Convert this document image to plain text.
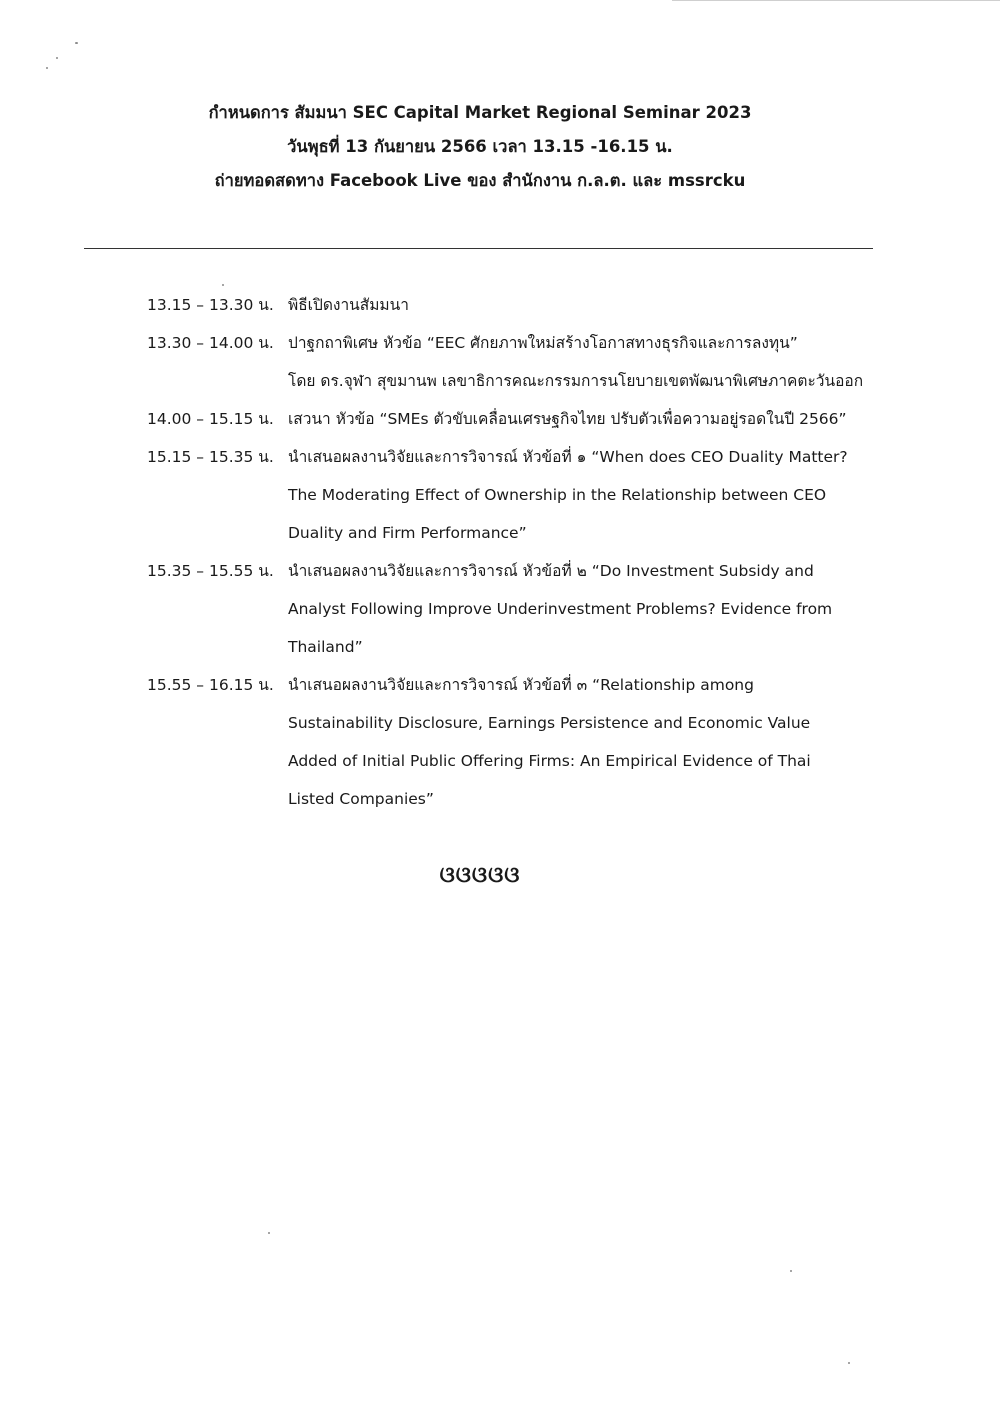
กำหนดการ สัมมนา SEC Capital Market Regional Seminar 2023
วันพุธที่ 13 กันยายน 2566 เวลา 13.15 -16.15 น.
ถ่ายทอดสดทาง Facebook Live ของ สำนักงาน ก.ล.ต. และ mssrcku
13.15 – 13.30 น. พิธีเปิดงานสัมมนา
13.30 – 14.00 น. ปาฐกถาพิเศษ หัวข้อ “EEC ศักยภาพใหม่สร้างโอกาสทางธุรกิจและการลงทุน”
โดย ดร.จุฬา สุขมานพ เลขาธิการคณะกรรมการนโยบายเขตพัฒนาพิเศษภาคตะวันออก
14.00 – 15.15 น. เสวนา หัวข้อ “SMEs ตัวขับเคลื่อนเศรษฐกิจไทย ปรับตัวเพื่อความอยู่รอดในปี 2566”
15.15 – 15.35 น. นำเสนอผลงานวิจัยและการวิจารณ์ หัวข้อที่ ๑ “When does CEO Duality Matter?
The Moderating Effect of Ownership in the Relationship between CEO
Duality and Firm Performance”
15.35 – 15.55 น. นำเสนอผลงานวิจัยและการวิจารณ์ หัวข้อที่ ๒ “Do Investment Subsidy and
Analyst Following Improve Underinvestment Problems? Evidence from
Thailand”
15.55 – 16.15 น. นำเสนอผลงานวิจัยและการวิจารณ์ หัวข้อที่ ๓ “Relationship among
Sustainability Disclosure, Earnings Persistence and Economic Value
Added of Initial Public Offering Firms: An Empirical Evidence of Thai
Listed Companies”
ଓଓଓଓଓ
